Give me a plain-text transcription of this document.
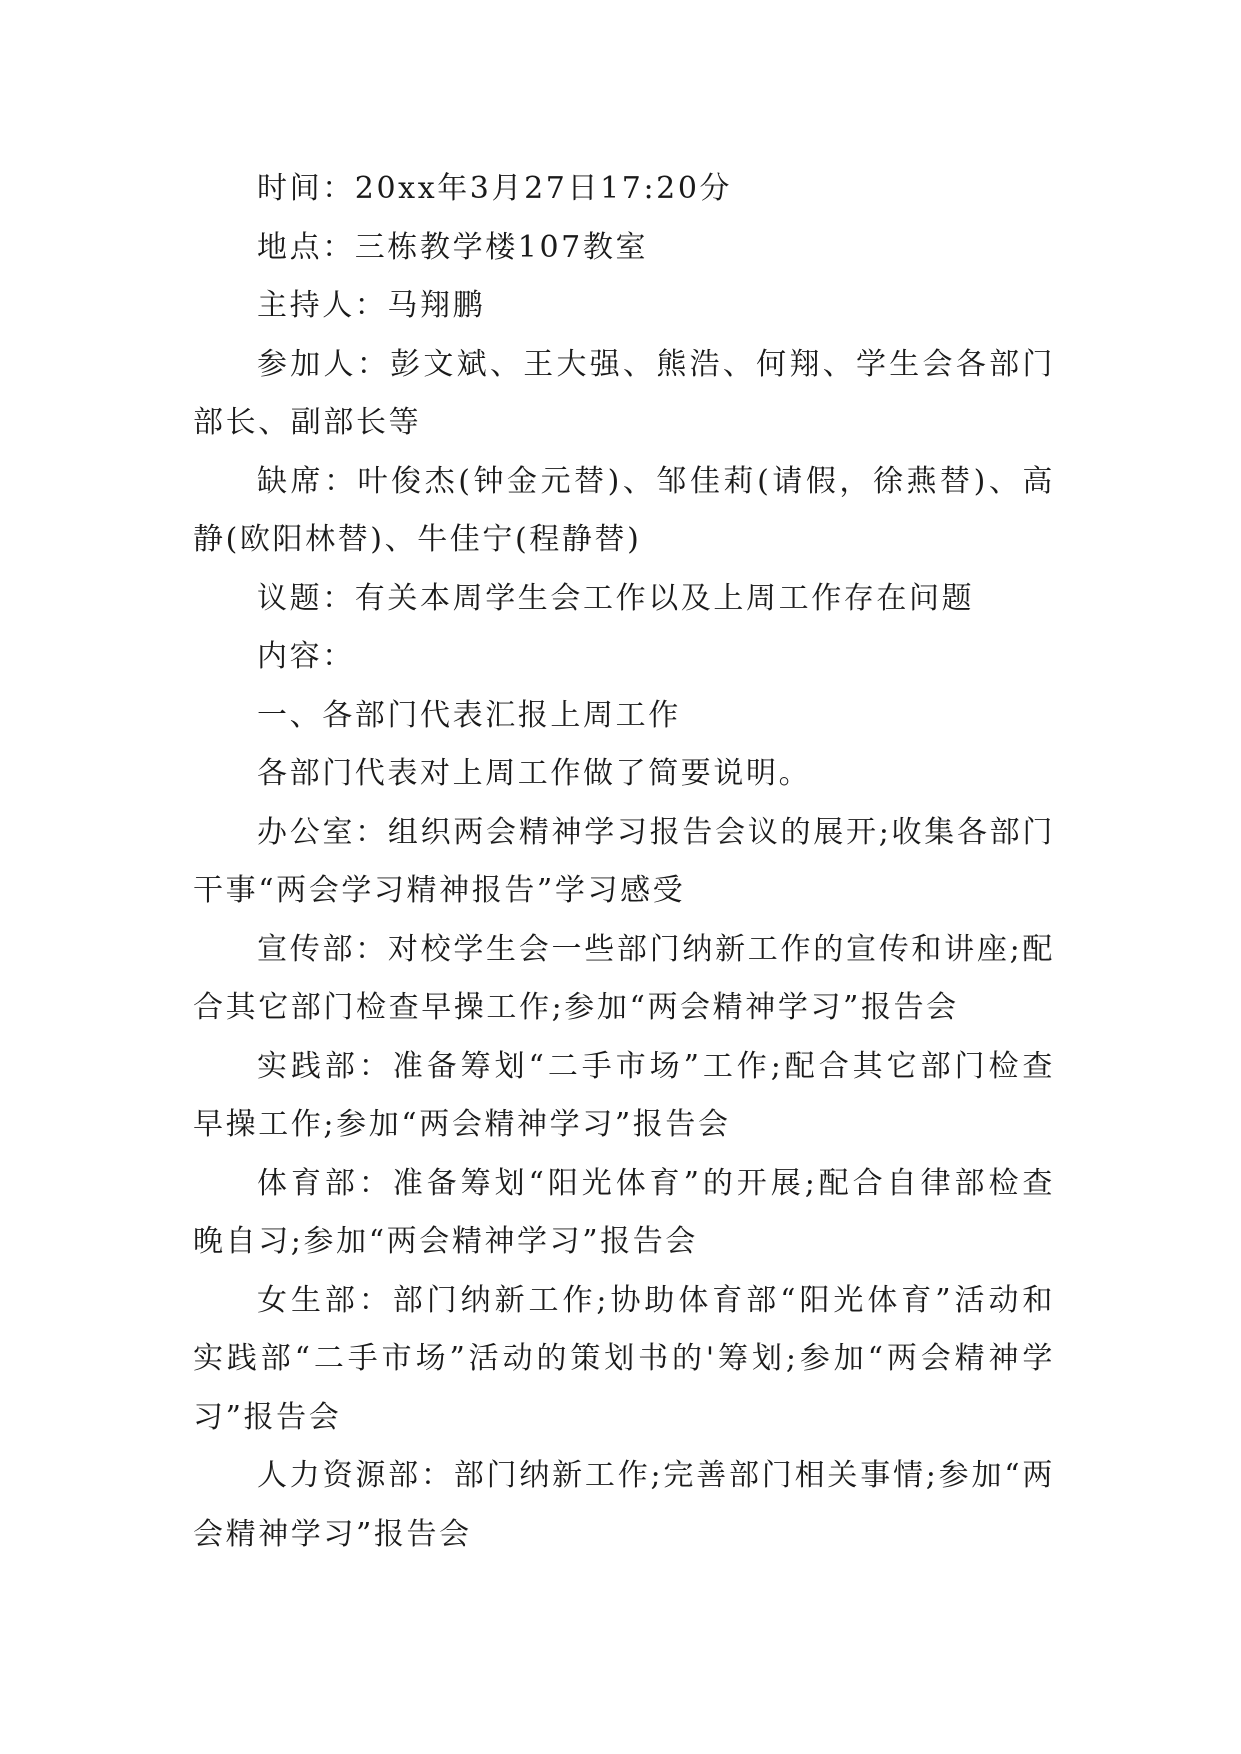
时间：20xx年3月27日17:20分

地点：三栋教学楼107教室

主持人：马翔鹏

参加人：彭文斌、王大强、熊浩、何翔、学生会各部门部长、副部长等

缺席：叶俊杰(钟金元替)、邹佳莉(请假，徐燕替)、高静(欧阳林替)、牛佳宁(程静替)

议题：有关本周学生会工作以及上周工作存在问题

内容：

一、各部门代表汇报上周工作

各部门代表对上周工作做了简要说明。

办公室：组织两会精神学习报告会议的展开;收集各部门干事“两会学习精神报告”学习感受

宣传部：对校学生会一些部门纳新工作的宣传和讲座;配合其它部门检查早操工作;参加“两会精神学习”报告会

实践部：准备筹划“二手市场”工作;配合其它部门检查早操工作;参加“两会精神学习”报告会

体育部：准备筹划“阳光体育”的开展;配合自律部检查晚自习;参加“两会精神学习”报告会

女生部：部门纳新工作;协助体育部“阳光体育”活动和实践部“二手市场”活动的策划书的'筹划;参加“两会精神学习”报告会

人力资源部：部门纳新工作;完善部门相关事情;参加“两会精神学习”报告会
